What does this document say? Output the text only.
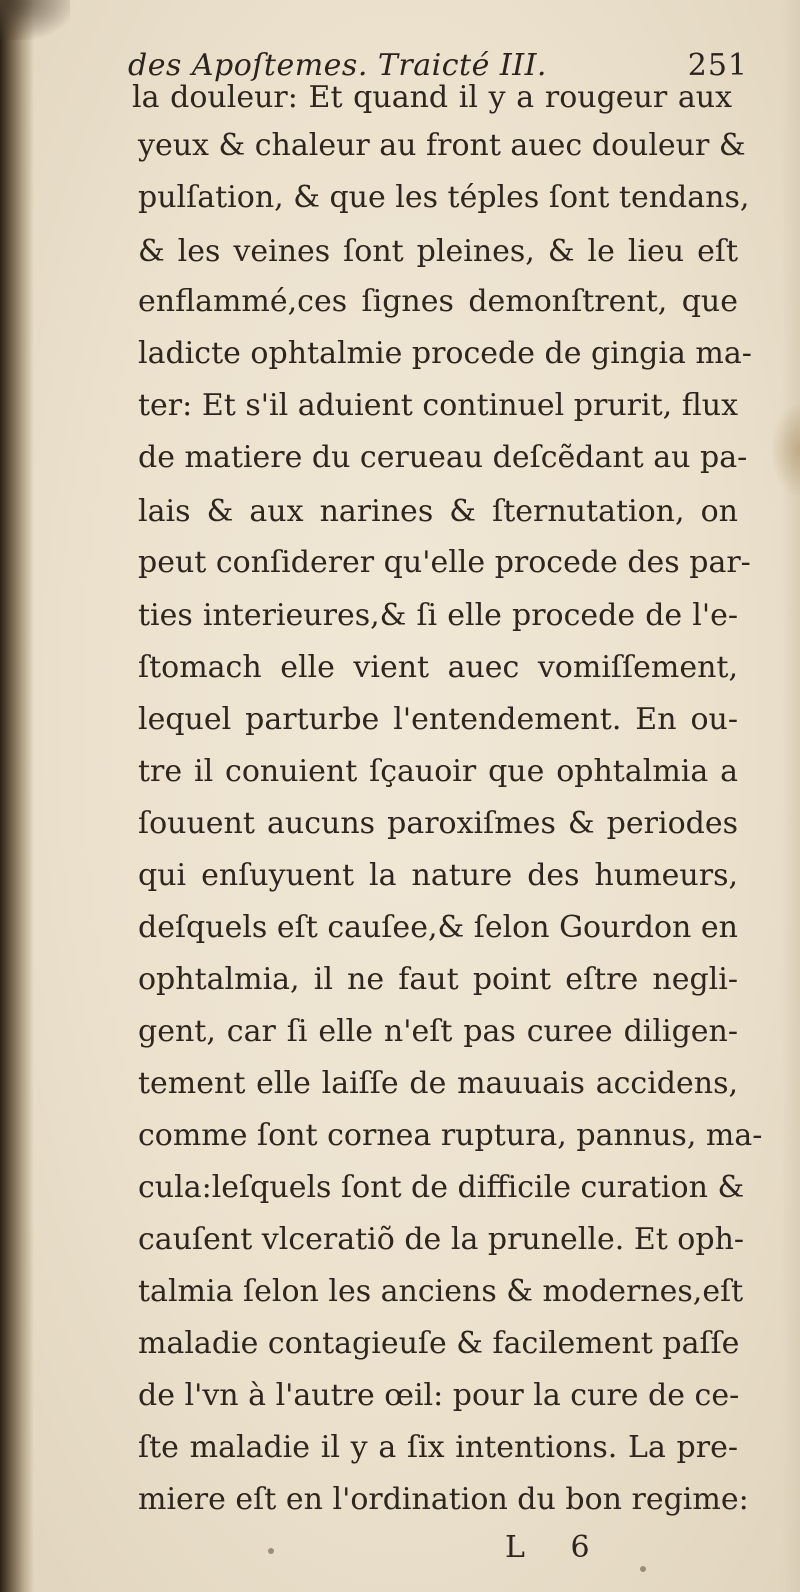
des Apoſtemes. Traicté III.	251
la douleur: Et quand il y a rougeur aux
yeux & chaleur au front auec douleur &
pulſation, & que les téples ſont tendans,
& les veines ſont pleines, & le lieu eſt
enflammé,ces ſignes demonſtrent, que
ladicte ophtalmie procede de gingia ma-
ter: Et s'il aduient continuel prurit, flux
de matiere du cerueau deſcẽdant au pa-
lais & aux narines & ſternutation, on
peut conſiderer qu'elle procede des par-
ties interieures,& ſi elle procede de l'e-
ſtomach elle vient auec vomiſſement,
lequel parturbe l'entendement. En ou-
tre il conuient ſçauoir que ophtalmia a
ſouuent aucuns paroxiſmes & periodes
qui enſuyuent la nature des humeurs,
deſquels eſt cauſee,& ſelon Gourdon en
ophtalmia, il ne faut point eſtre negli-
gent, car ſi elle n'eſt pas curee diligen-
tement elle laiſſe de mauuais accidens,
comme ſont cornea ruptura, pannus, ma-
cula:leſquels ſont de difficile curation &
cauſent vlceratiõ de la prunelle. Et oph-
talmia ſelon les anciens & modernes,eſt
maladie contagieuſe & facilement paſſe
de l'vn à l'autre œil: pour la cure de ce-
ſte maladie il y a ſix intentions. La pre-
miere eſt en l'ordination du bon regime:
L 6
